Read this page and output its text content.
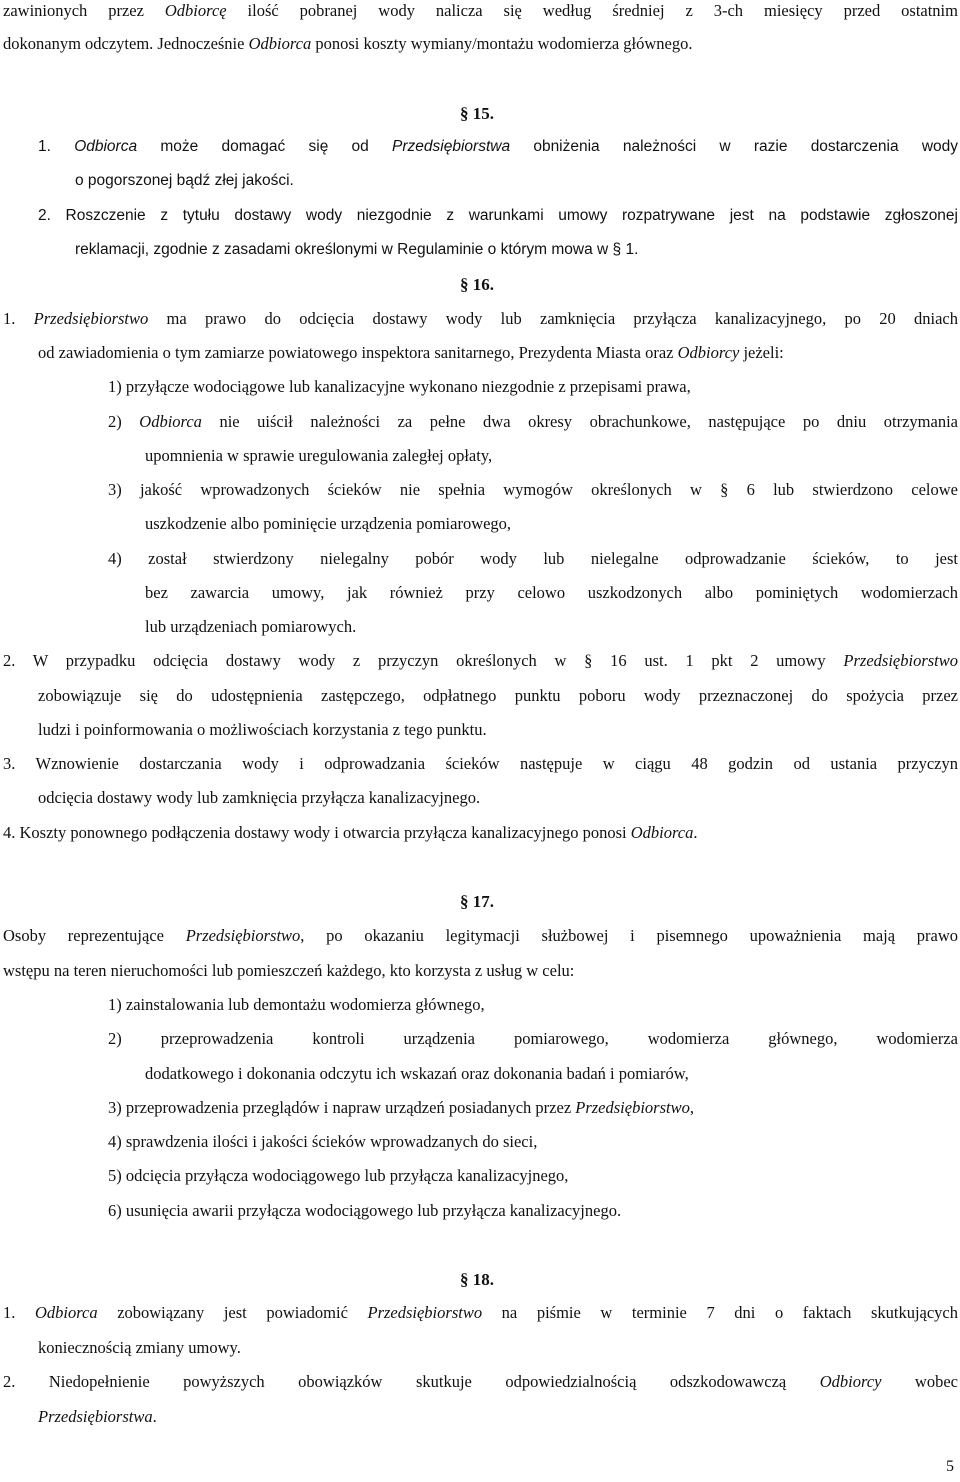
zawinionych przez Odbiorcę ilość pobranej wody nalicza się według średniej z 3-ch miesięcy przed ostatnim

dokonanym odczytem. Jednocześnie Odbiorca ponosi koszty wymiany/montażu wodomierza głównego.

§ 15.

1. Odbiorca może domagać się od Przedsiębiorstwa obniżenia należności w razie dostarczenia wody

o pogorszonej bądź złej jakości.

2. Roszczenie z tytułu dostawy wody niezgodnie z warunkami umowy rozpatrywane jest na podstawie zgłoszonej

reklamacji, zgodnie z zasadami określonymi w Regulaminie o którym mowa w § 1.

§ 16.

1. Przedsiębiorstwo ma prawo do odcięcia dostawy wody lub zamknięcia przyłącza kanalizacyjnego, po 20 dniach

od zawiadomienia o tym zamiarze powiatowego inspektora sanitarnego, Prezydenta Miasta oraz Odbiorcy jeżeli:

1) przyłącze wodociągowe lub kanalizacyjne wykonano niezgodnie z przepisami prawa,

2) Odbiorca nie uiścił należności za pełne dwa okresy obrachunkowe, następujące po dniu otrzymania

upomnienia w sprawie uregulowania zaległej opłaty,

3) jakość wprowadzonych ścieków nie spełnia wymogów określonych w § 6 lub stwierdzono celowe

uszkodzenie albo pominięcie urządzenia pomiarowego,

4) został stwierdzony nielegalny pobór wody lub nielegalne odprowadzanie ścieków, to jest

bez zawarcia umowy, jak również przy celowo uszkodzonych albo pominiętych wodomierzach

lub urządzeniach pomiarowych.

2. W przypadku odcięcia dostawy wody z przyczyn określonych w § 16 ust. 1 pkt 2 umowy Przedsiębiorstwo

zobowiązuje się do udostępnienia zastępczego, odpłatnego punktu poboru wody przeznaczonej do spożycia przez

ludzi i poinformowania o możliwościach korzystania z tego punktu.

3. Wznowienie dostarczania wody i odprowadzania ścieków następuje w ciągu 48 godzin od ustania przyczyn

odcięcia dostawy wody lub zamknięcia przyłącza kanalizacyjnego.

4. Koszty ponownego podłączenia dostawy wody i otwarcia przyłącza kanalizacyjnego ponosi Odbiorca.

§ 17.

Osoby reprezentujące Przedsiębiorstwo, po okazaniu legitymacji służbowej i pisemnego upoważnienia mają prawo

wstępu na teren nieruchomości lub pomieszczeń każdego, kto korzysta z usług w celu:

1) zainstalowania lub demontażu wodomierza głównego,

2) przeprowadzenia kontroli urządzenia pomiarowego, wodomierza głównego, wodomierza

dodatkowego i dokonania odczytu ich wskazań oraz dokonania badań i pomiarów,

3) przeprowadzenia przeglądów i napraw urządzeń posiadanych przez Przedsiębiorstwo,

4) sprawdzenia ilości i jakości ścieków wprowadzanych do sieci,

5) odcięcia przyłącza wodociągowego lub przyłącza kanalizacyjnego,

6) usunięcia awarii przyłącza wodociągowego lub przyłącza kanalizacyjnego.

§ 18.

1. Odbiorca zobowiązany jest powiadomić Przedsiębiorstwo na piśmie w terminie 7 dni o faktach skutkujących

koniecznością zmiany umowy.

2. Niedopełnienie powyższych obowiązków skutkuje odpowiedzialnością odszkodowawczą Odbiorcy wobec

Przedsiębiorstwa.

5
